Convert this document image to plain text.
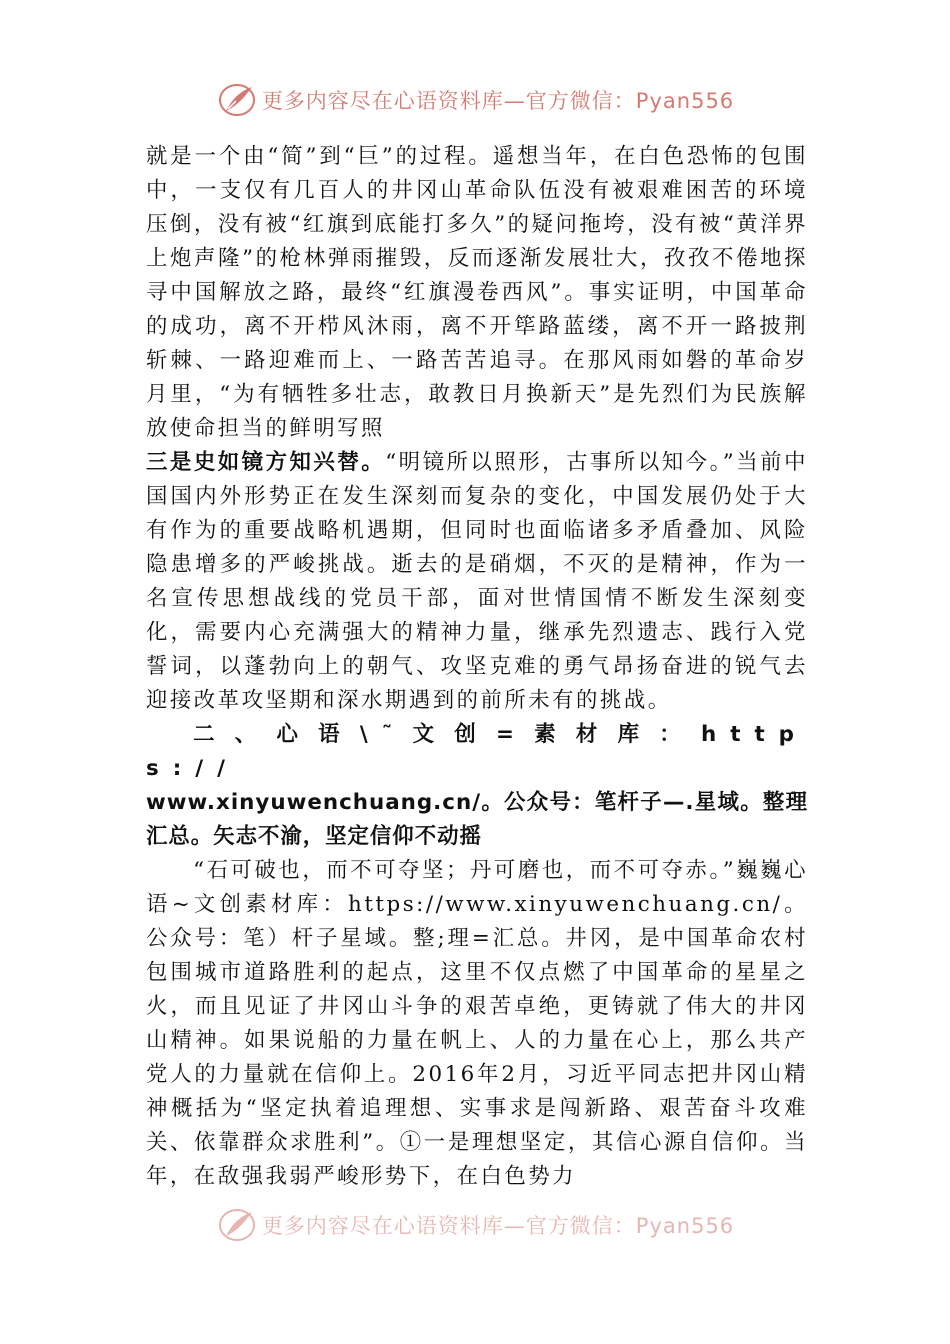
更多内容尽在心语资料库—官方微信：Pyan556

就是一个由“简”到“巨”的过程。遥想当年，在白色恐怖的包围中，一支仅有几百人的井冈山革命队伍没有被艰难困苦的环境压倒，没有被“红旗到底能打多久”的疑问拖垮，没有被“黄洋界上炮声隆”的枪林弹雨摧毁，反而逐渐发展壮大，孜孜不倦地探寻中国解放之路，最终“红旗漫卷西风”。事实证明，中国革命的成功，离不开栉风沐雨，离不开筚路蓝缕，离不开一路披荆斩棘、一路迎难而上、一路苦苦追寻。在那风雨如磐的革命岁月里，“为有牺牲多壮志，敢教日月换新天”是先烈们为民族解放使命担当的鲜明写照

三是史如镜方知兴替。“明镜所以照形，古事所以知今。”当前中国国内外形势正在发生深刻而复杂的变化，中国发展仍处于大有作为的重要战略机遇期，但同时也面临诸多矛盾叠加、风险隐患增多的严峻挑战。逝去的是硝烟，不灭的是精神，作为一名宣传思想战线的党员干部，面对世情国情不断发生深刻变化，需要内心充满强大的精神力量，继承先烈遗志、践行入党誓词，以蓬勃向上的朝气、攻坚克难的勇气昂扬奋进的锐气去迎接改革攻坚期和深水期遇到的前所未有的挑战。

二、心语\˜文创=素材库：https://
www.xinyuwenchuang.cn/。公众号：笔杆子—.星域。整理汇总。矢志不渝，坚定信仰不动摇

“石可破也，而不可夺坚；丹可磨也，而不可夺赤。”巍巍心语~文创素材库：https://www.xinyuwenchuang.cn/。公众号：笔）杆子星域。整;理=汇总。井冈，是中国革命农村包围城市道路胜利的起点，这里不仅点燃了中国革命的星星之火，而且见证了井冈山斗争的艰苦卓绝，更铸就了伟大的井冈山精神。如果说船的力量在帆上、人的力量在心上，那么共产党人的力量就在信仰上。2016年2月，习近平同志把井冈山精神概括为“坚定执着追理想、实事求是闯新路、艰苦奋斗攻难关、依靠群众求胜利”。①一是理想坚定，其信心源自信仰。当年，在敌强我弱严峻形势下，在白色势力

更多内容尽在心语资料库—官方微信：Pyan556
